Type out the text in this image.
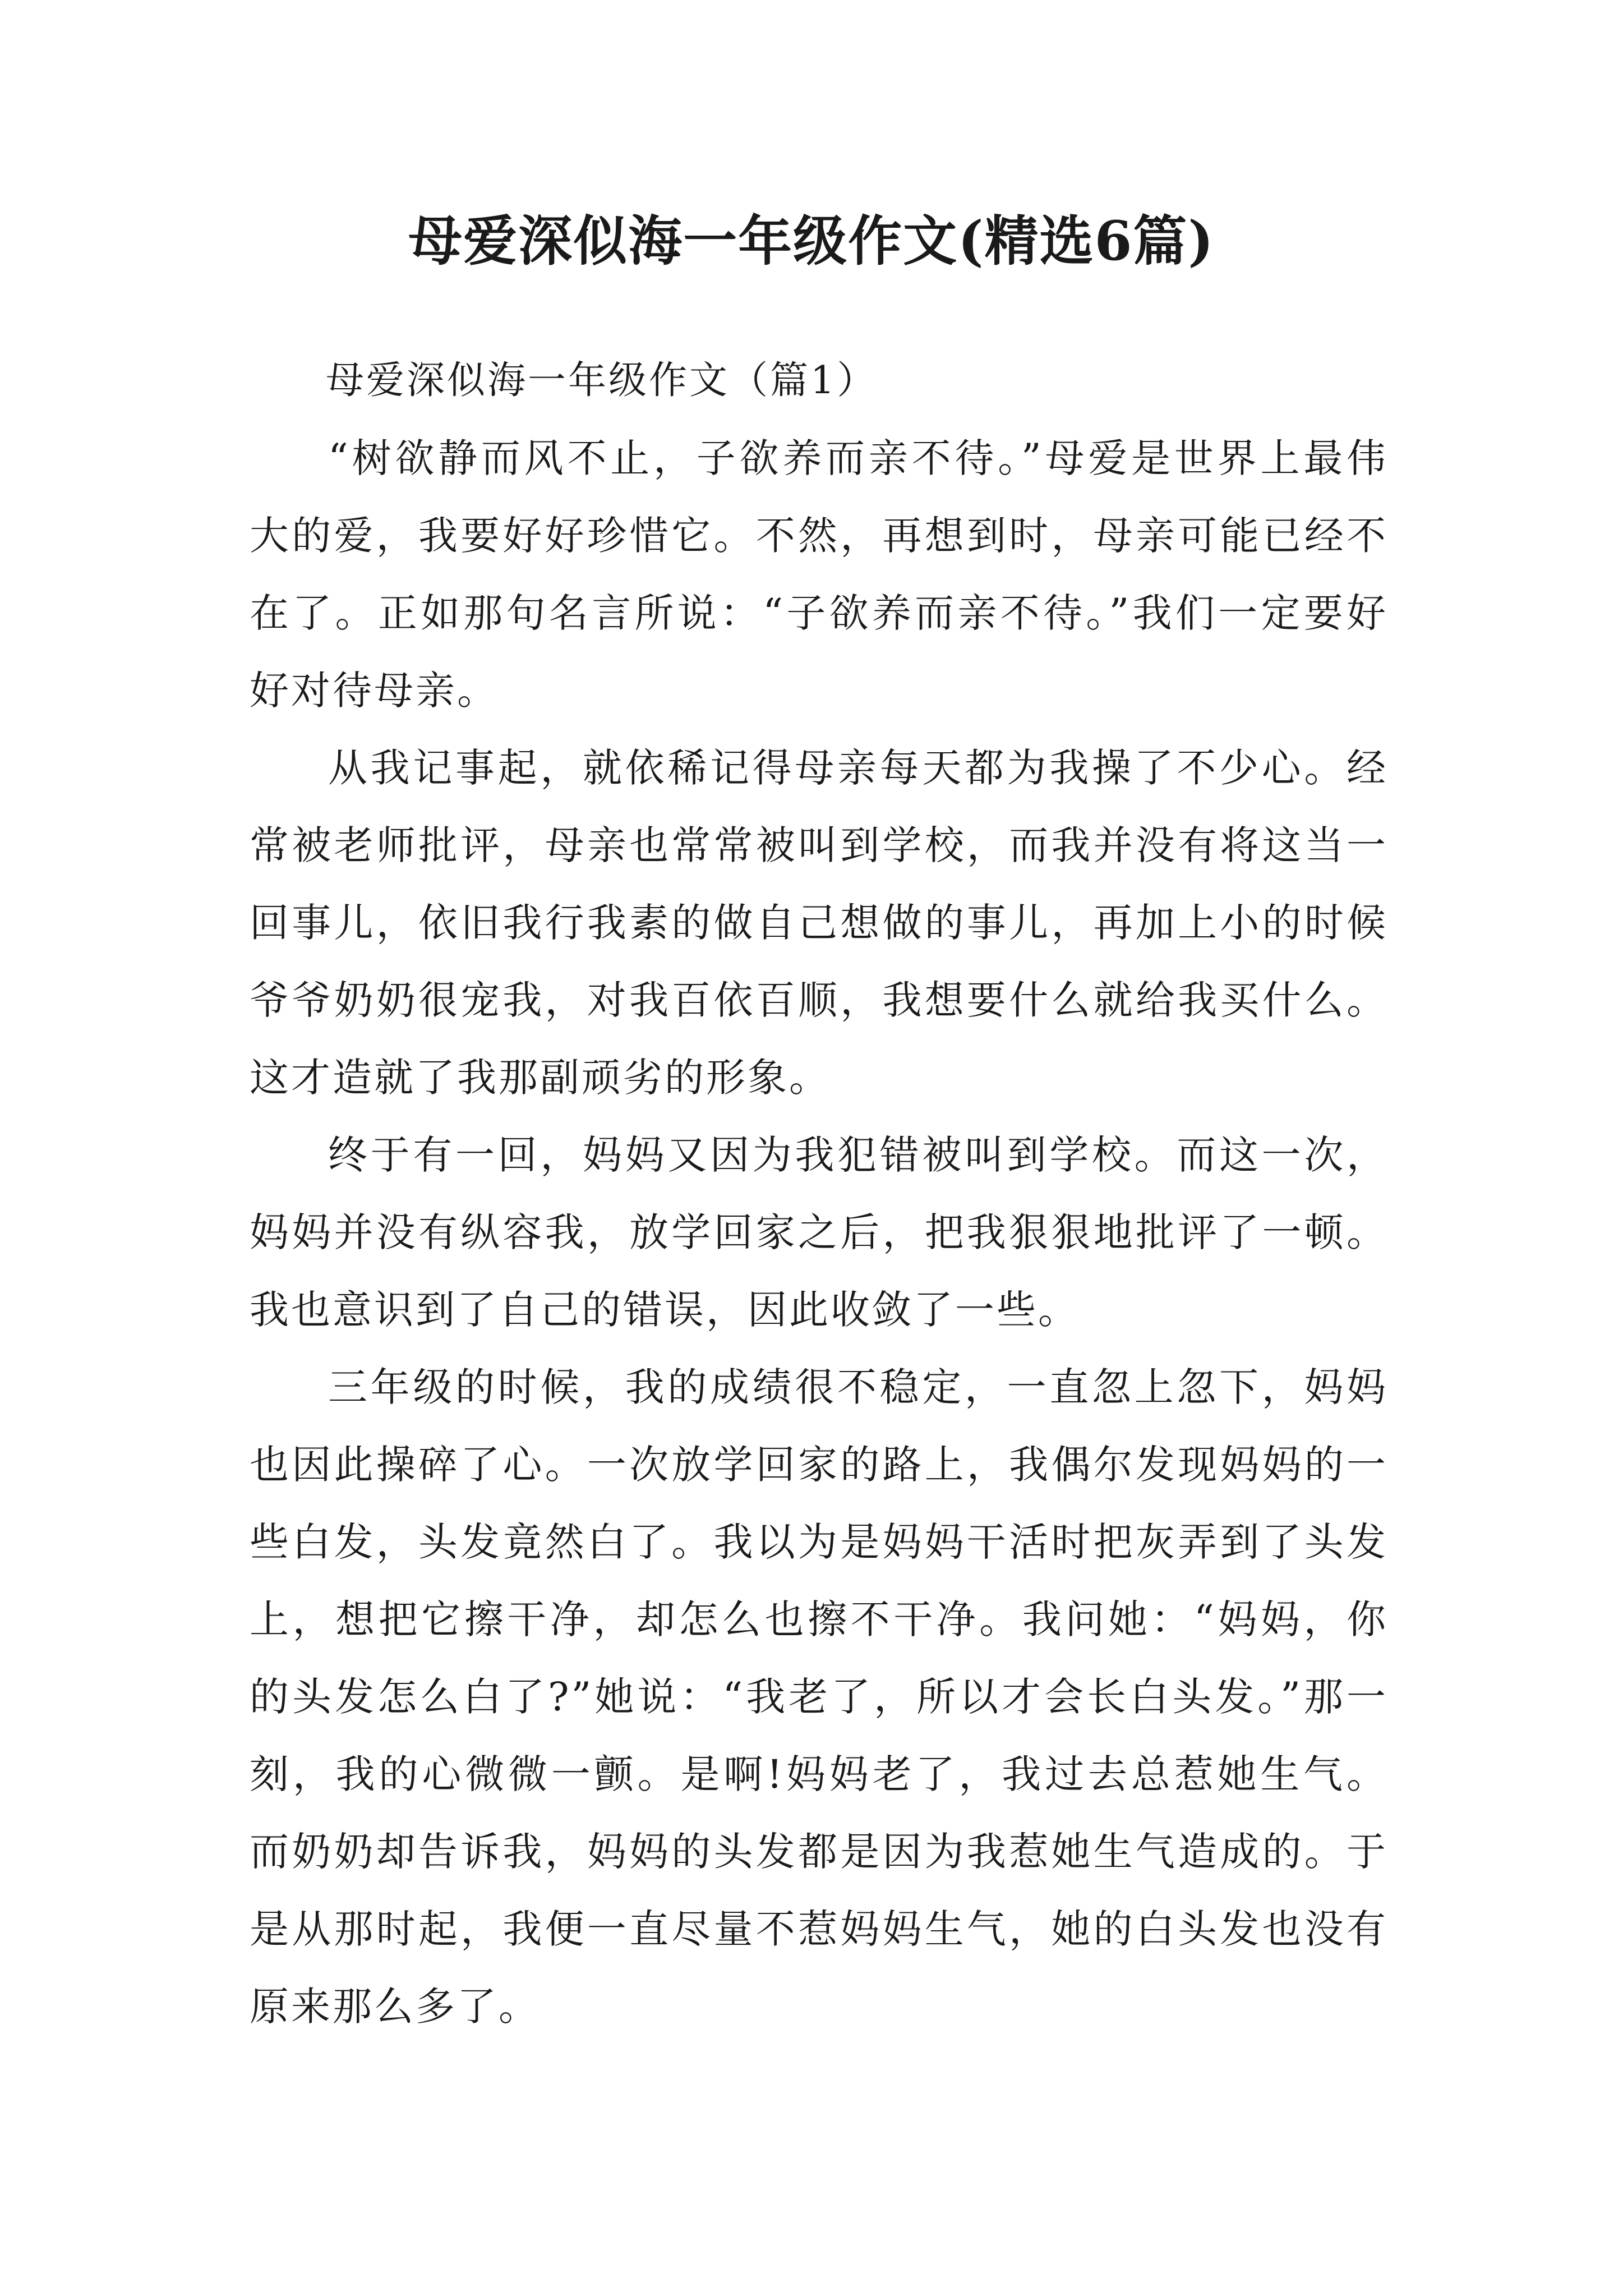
母爱深似海一年级作文(精选6篇)

母爱深似海一年级作文（篇1）

“树欲静而风不止，子欲养而亲不待。”母爱是世界上最伟大的爱，我要好好珍惜它。不然，再想到时，母亲可能已经不在了。正如那句名言所说：“子欲养而亲不待。”我们一定要好好对待母亲。

从我记事起，就依稀记得母亲每天都为我操了不少心。经常被老师批评，母亲也常常被叫到学校，而我并没有将这当一回事儿，依旧我行我素的做自己想做的事儿，再加上小的时候爷爷奶奶很宠我，对我百依百顺，我想要什么就给我买什么。这才造就了我那副顽劣的形象。

终于有一回，妈妈又因为我犯错被叫到学校。而这一次，妈妈并没有纵容我，放学回家之后，把我狠狠地批评了一顿。我也意识到了自己的错误，因此收敛了一些。

三年级的时候，我的成绩很不稳定，一直忽上忽下，妈妈也因此操碎了心。一次放学回家的路上，我偶尔发现妈妈的一些白发，头发竟然白了。我以为是妈妈干活时把灰弄到了头发上，想把它擦干净，却怎么也擦不干净。我问她：“妈妈，你的头发怎么白了?”她说：“我老了，所以才会长白头发。”那一刻，我的心微微一颤。是啊!妈妈老了，我过去总惹她生气。而奶奶却告诉我，妈妈的头发都是因为我惹她生气造成的。于是从那时起，我便一直尽量不惹妈妈生气，她的白头发也没有原来那么多了。
